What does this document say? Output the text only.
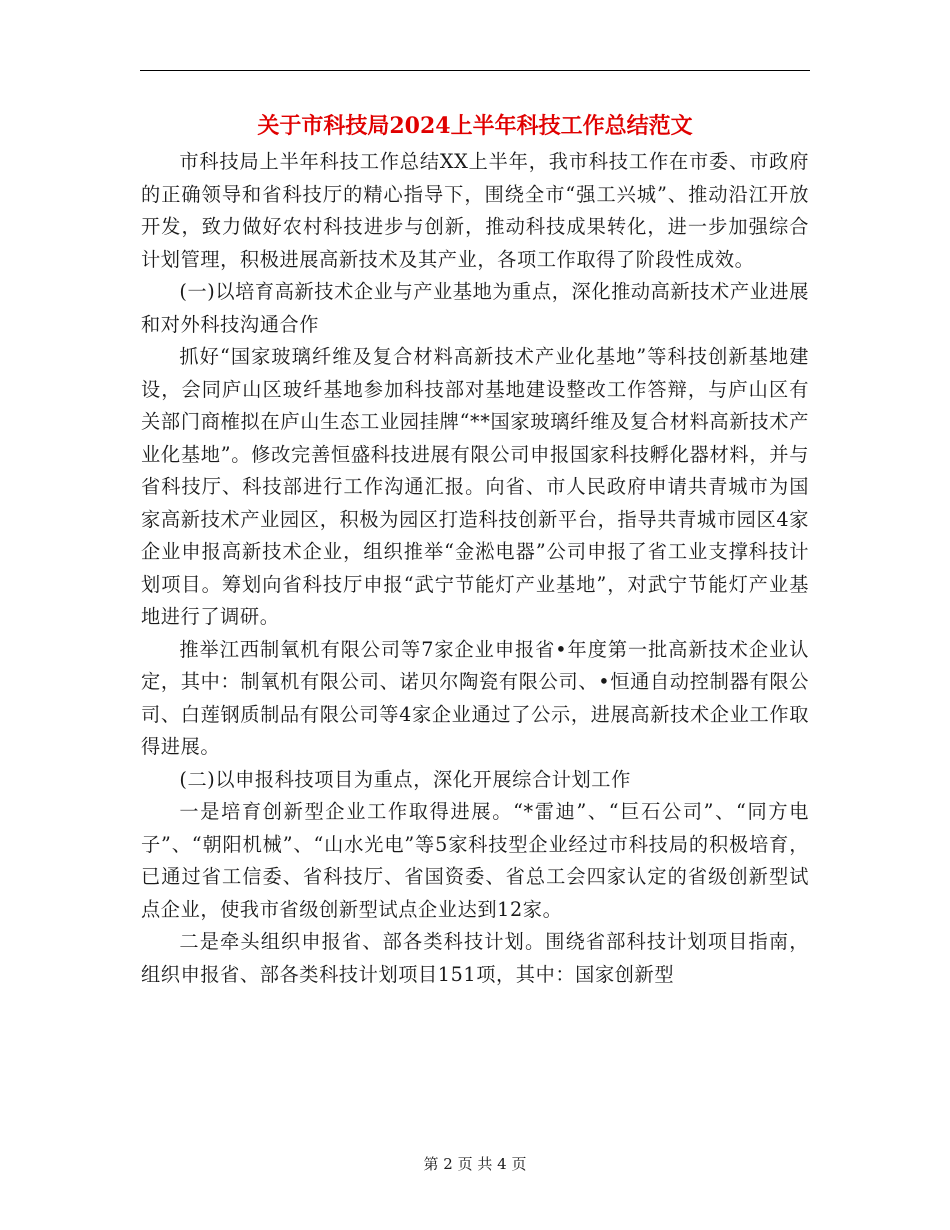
关于市科技局2024上半年科技工作总结范文

市科技局上半年科技工作总结XX上半年，我市科技工作在市委、市政府的正确领导和省科技厅的精心指导下，围绕全市“强工兴城”、推动沿江开放开发，致力做好农村科技进步与创新，推动科技成果转化，进一步加强综合计划管理，积极进展高新技术及其产业，各项工作取得了阶段性成效。

(一)以培育高新技术企业与产业基地为重点，深化推动高新技术产业进展和对外科技沟通合作

抓好“国家玻璃纤维及复合材料高新技术产业化基地”等科技创新基地建设，会同庐山区玻纤基地参加科技部对基地建设整改工作答辩，与庐山区有关部门商榷拟在庐山生态工业园挂牌“**国家玻璃纤维及复合材料高新技术产业化基地”。修改完善恒盛科技进展有限公司申报国家科技孵化器材料，并与省科技厅、科技部进行工作沟通汇报。向省、市人民政府申请共青城市为国家高新技术产业园区，积极为园区打造科技创新平台，指导共青城市园区4家企业申报高新技术企业，组织推举“金淞电器”公司申报了省工业支撑科技计划项目。筹划向省科技厅申报“武宁节能灯产业基地”，对武宁节能灯产业基地进行了调研。

推举江西制氧机有限公司等7家企业申报省•年度第一批高新技术企业认定，其中：制氧机有限公司、诺贝尔陶瓷有限公司、•恒通自动控制器有限公司、白莲钢质制品有限公司等4家企业通过了公示，进展高新技术企业工作取得进展。

(二)以申报科技项目为重点，深化开展综合计划工作

一是培育创新型企业工作取得进展。“*雷迪”、“巨石公司”、“同方电子”、“朝阳机械”、“山水光电”等5家科技型企业经过市科技局的积极培育，已通过省工信委、省科技厅、省国资委、省总工会四家认定的省级创新型试点企业，使我市省级创新型试点企业达到12家。

二是牵头组织申报省、部各类科技计划。围绕省部科技计划项目指南，组织申报省、部各类科技计划项目151项，其中：国家创新型

第 2 页 共 4 页
